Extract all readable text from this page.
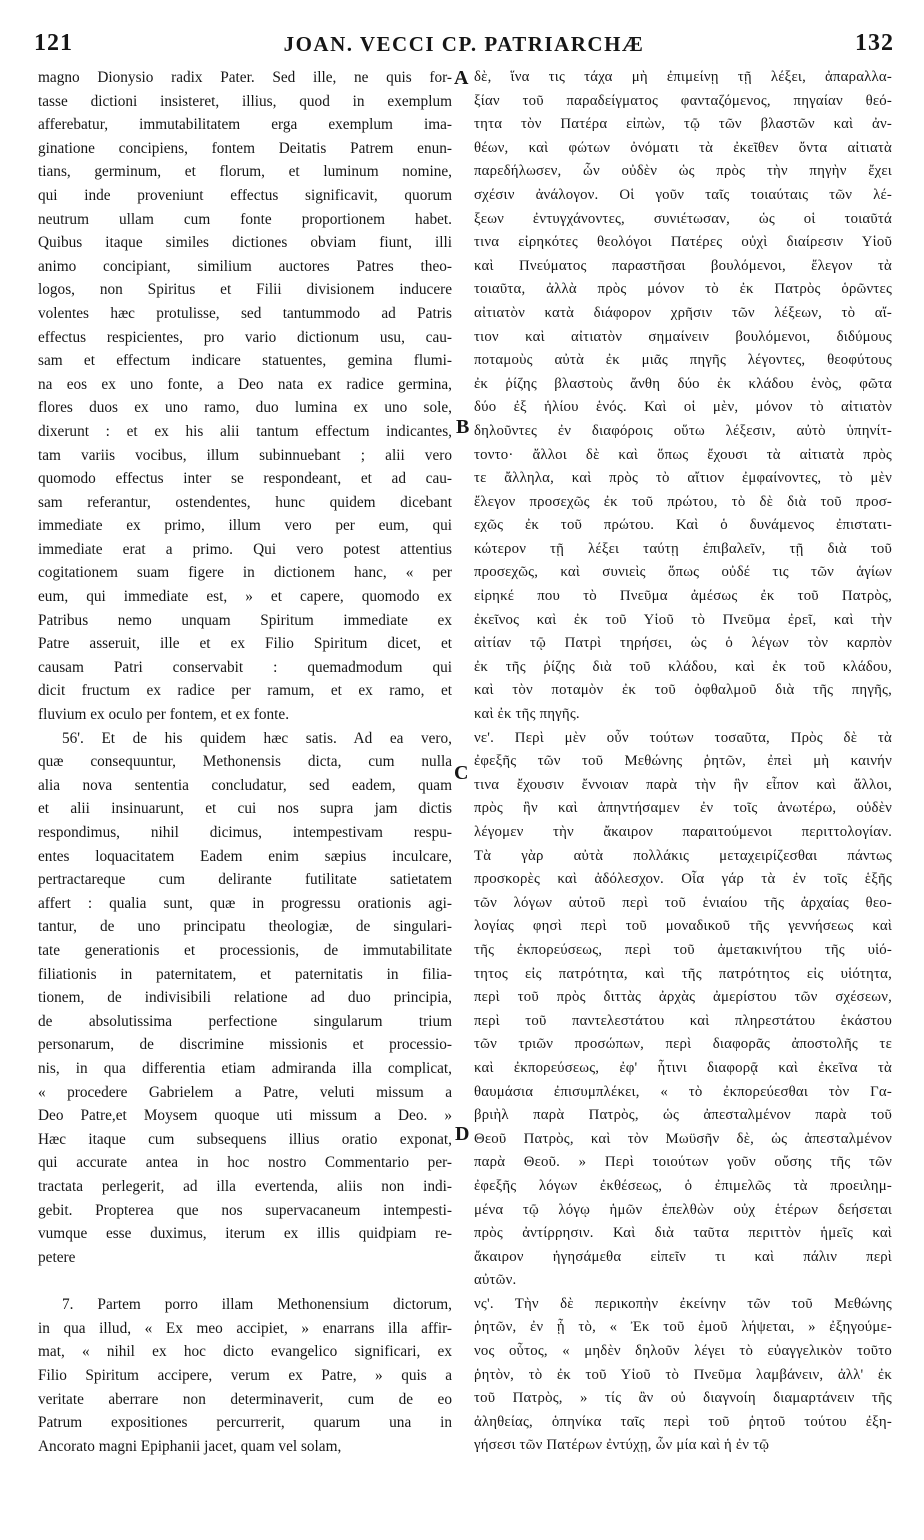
121	JOAN. VECCI CP. PATRIARCHÆ	132
A
B
C
D
magno Dionysio radix Pater. Sed ille, ne quis for-
tasse dictioni insisteret, illius, quod in exemplum
afferebatur, immutabilitatem erga exemplum ima-
ginatione concipiens, fontem Deitatis Patrem enun-
tians, germinum, et florum, et luminum nomine,
qui inde proveniunt effectus significavit, quorum
neutrum ullam cum fonte proportionem habet.
Quibus itaque similes dictiones obviam fiunt, illi
animo concipiant, similium auctores Patres theo-
logos, non Spiritus et Filii divisionem inducere
volentes hæc protulisse, sed tantummodo ad Patris
effectus respicientes, pro vario dictionum usu, cau-
sam et effectum indicare statuentes, gemina flumi-
na eos ex uno fonte, a Deo nata ex radice germina,
flores duos ex uno ramo, duo lumina ex uno sole,
dixerunt : et ex his alii tantum effectum indicantes,
tam variis vocibus, illum subinnuebant ; alii vero
quomodo effectus inter se respondeant, et ad cau-
sam referantur, ostendentes, hunc quidem dicebant
immediate ex primo, illum vero per eum, qui
immediate erat a primo. Qui vero potest attentius
cogitationem suam figere in dictionem hanc, « per
eum, qui immediate est, » et capere, quomodo ex
Patribus nemo unquam Spiritum immediate ex
Patre asseruit, ille et ex Filio Spiritum dicet, et
causam Patri conservabit : quemadmodum qui
dicit fructum ex radice per ramum, et ex ramo, et
fluvium ex oculo per fontem, et ex fonte.
56'. Et de his quidem hæc satis. Ad ea vero,
quæ consequuntur, Methonensis dicta, cum nulla
alia nova sententia concludatur, sed eadem, quam
et alii insinuarunt, et cui nos supra jam dictis
respondimus, nihil dicimus, intempestivam respu-
entes loquacitatem Eadem enim sæpius inculcare,
pertractareque cum delirante futilitate satietatem
affert : qualia sunt, quæ in progressu orationis agi-
tantur, de uno principatu theologiæ, de singulari-
tate generationis et processionis, de immutabilitate
filiationis in paternitatem, et paternitatis in filia-
tionem, de indivisibili relatione ad duo principia,
de absolutissima perfectione singularum trium
personarum, de discrimine missionis et processio-
nis, in qua differentia etiam admiranda illa complicat,
« procedere Gabrielem a Patre, veluti missum a
Deo Patre,et Moysem quoque uti missum a Deo. »
Hæc itaque cum subsequens illius oratio exponat,
qui accurate antea in hoc nostro Commentario per-
tractata perlegerit, ad illa evertenda, aliis non indi-
gebit. Propterea que nos supervacaneum intempesti-
vumque esse duximus, iterum ex illis quidpiam re-
petere
7. Partem porro illam Methonensium dictorum,
in qua illud, « Ex meo accipiet, » enarrans illa affir-
mat, « nihil ex hoc dicto evangelico significari, ex
Filio Spiritum accipere, verum ex Patre, » quis a
veritate aberrare non determinaverit, cum de eo
Patrum expositiones percurrerit, quarum una in
Ancorato magni Epiphanii jacet, quam vel solam,
δὲ, ἵνα τις τάχα μὴ ἐπιμείνῃ τῇ λέξει, ἀπαραλλα-
ξίαν τοῦ παραδείγματος φανταζόμενος, πηγαίαν θεό-
τητα τὸν Πατέρα εἰπὼν, τῷ τῶν βλαστῶν καὶ ἀν-
θέων, καὶ φώτων ὀνόματι τὰ ἐκεῖθεν ὄντα αἰτιατὰ
παρεδήλωσεν, ὧν οὐδὲν ὡς πρὸς τὴν πηγὴν ἔχει
σχέσιν ἀνάλογον. Οἱ γοῦν ταῖς τοιαύταις τῶν λέ-
ξεων ἐντυγχάνοντες, συνιέτωσαν, ὡς οἱ τοιαῦτά
τινα εἰρηκότες θεολόγοι Πατέρες οὐχὶ διαίρεσιν Υἱοῦ
καὶ Πνεύματος παραστῆσαι βουλόμενοι, ἔλεγον τὰ
τοιαῦτα, ἀλλὰ πρὸς μόνον τὸ ἐκ Πατρὸς ὁρῶντες
αἰτιατὸν κατὰ διάφορον χρῆσιν τῶν λέξεων, τὸ αἴ-
τιον καὶ αἰτιατὸν σημαίνειν βουλόμενοι, διδύμους
ποταμοὺς αὐτὰ ἐκ μιᾶς πηγῆς λέγοντες, θεοφύτους
ἐκ ῥίζης βλαστοὺς ἄνθη δύο ἐκ κλάδου ἑνὸς, φῶτα
δύο ἐξ ἡλίου ἑνός. Καὶ οἱ μὲν, μόνον τὸ αἰτιατὸν
δηλοῦντες ἐν διαφόροις οὕτω λέξεσιν, αὐτὸ ὑπηνίτ-
τοντο· ἄλλοι δὲ καὶ ὅπως ἔχουσι τὰ αἰτιατὰ πρὸς
τε ἄλληλα, καὶ πρὸς τὸ αἴτιον ἐμφαίνοντες, τὸ μὲν
ἔλεγον προσεχῶς ἐκ τοῦ πρώτου, τὸ δὲ διὰ τοῦ προσ-
εχῶς ἐκ τοῦ πρώτου. Καὶ ὁ δυνάμενος ἐπιστατι-
κώτερον τῇ λέξει ταύτῃ ἐπιβαλεῖν, τῇ διὰ τοῦ
προσεχῶς, καὶ συνιεὶς ὅπως οὐδέ τις τῶν ἁγίων
εἰρηκέ που τὸ Πνεῦμα ἀμέσως ἐκ τοῦ Πατρὸς,
ἐκεῖνος καὶ ἐκ τοῦ Υἱοῦ τὸ Πνεῦμα ἐρεῖ, καὶ τὴν
αἰτίαν τῷ Πατρὶ τηρήσει, ὡς ὁ λέγων τὸν καρπὸν
ἐκ τῆς ῥίζης διὰ τοῦ κλάδου, καὶ ἐκ τοῦ κλάδου,
καὶ τὸν ποταμὸν ἐκ τοῦ ὀφθαλμοῦ διὰ τῆς πηγῆς,
καὶ ἐκ τῆς πηγῆς.
νε'. Περὶ μὲν οὖν τούτων τοσαῦτα, Πρὸς δὲ τὰ
ἐφεξῆς τῶν τοῦ Μεθώνης ῥητῶν, ἐπεὶ μὴ καινήν
τινα ἔχουσιν ἔννοιαν παρὰ τὴν ἣν εἶπον καὶ ἄλλοι,
πρὸς ἣν καὶ ἀπηντήσαμεν ἐν τοῖς ἀνωτέρω, οὐδὲν
λέγομεν τὴν ἄκαιρον παραιτούμενοι περιττολογίαν.
Τὰ γὰρ αὐτὰ πολλάκις μεταχειρίζεσθαι πάντως
προσκορὲς καὶ ἀδόλεσχον. Οἷα γάρ τὰ ἐν τοῖς ἑξῆς
τῶν λόγων αὐτοῦ περὶ τοῦ ἑνιαίου τῆς ἀρχαίας θεο-
λογίας φησὶ περὶ τοῦ μοναδικοῦ τῆς γεννήσεως καὶ
τῆς ἐκπορεύσεως, περὶ τοῦ ἀμετακινήτου τῆς υἱό-
τητος εἰς πατρότητα, καὶ τῆς πατρότητος εἰς υἱότητα,
περὶ τοῦ πρὸς διττὰς ἀρχὰς ἀμερίστου τῶν σχέσεων,
περὶ τοῦ παντελεστάτου καὶ πληρεστάτου ἑκάστου
τῶν τριῶν προσώπων, περὶ διαφορᾶς ἀποστολῆς τε
καὶ ἐκπορεύσεως, ἐφ' ἧτινι διαφορᾷ καὶ ἐκεῖνα τὰ
θαυμάσια ἐπισυμπλέκει, « τὸ ἐκπορεύεσθαι τὸν Γα-
βριὴλ παρὰ Πατρὸς, ὡς ἀπεσταλμένον παρὰ τοῦ
Θεοῦ Πατρὸς, καὶ τὸν Μωϋσῆν δὲ, ὡς ἀπεσταλμένον
παρὰ Θεοῦ. » Περὶ τοιούτων γοῦν οὔσης τῆς τῶν
ἐφεξῆς λόγων ἐκθέσεως, ὁ ἐπιμελῶς τὰ προειλημ-
μένα τῷ λόγῳ ἡμῶν ἐπελθὼν οὐχ ἑτέρων δεήσεται
πρὸς ἀντίρρησιν. Καὶ διὰ ταῦτα περιττὸν ἡμεῖς καὶ
ἄκαιρον ἡγησάμεθα εἰπεῖν τι καὶ πάλιν περὶ
αὐτῶν.
νς'. Τὴν δὲ περικοπὴν ἐκείνην τῶν τοῦ Μεθώνης
ῥητῶν, ἐν ᾗ τὸ, « Ἐκ τοῦ ἐμοῦ λήψεται, » ἐξηγούμε-
νος οὗτος, « μηδὲν δηλοῦν λέγει τὸ εὐαγγελικὸν τοῦτο
ῥητὸν, τὸ ἐκ τοῦ Υἱοῦ τὸ Πνεῦμα λαμβάνειν, ἀλλ' ἐκ
τοῦ Πατρὸς, » τίς ἂν οὐ διαγνοίη διαμαρτάνειν τῆς
ἀληθείας, ὁπηνίκα ταῖς περὶ τοῦ ῥητοῦ τούτου ἐξη-
γήσεσι τῶν Πατέρων ἐντύχῃ, ὧν μία καὶ ἡ ἐν τῷ
